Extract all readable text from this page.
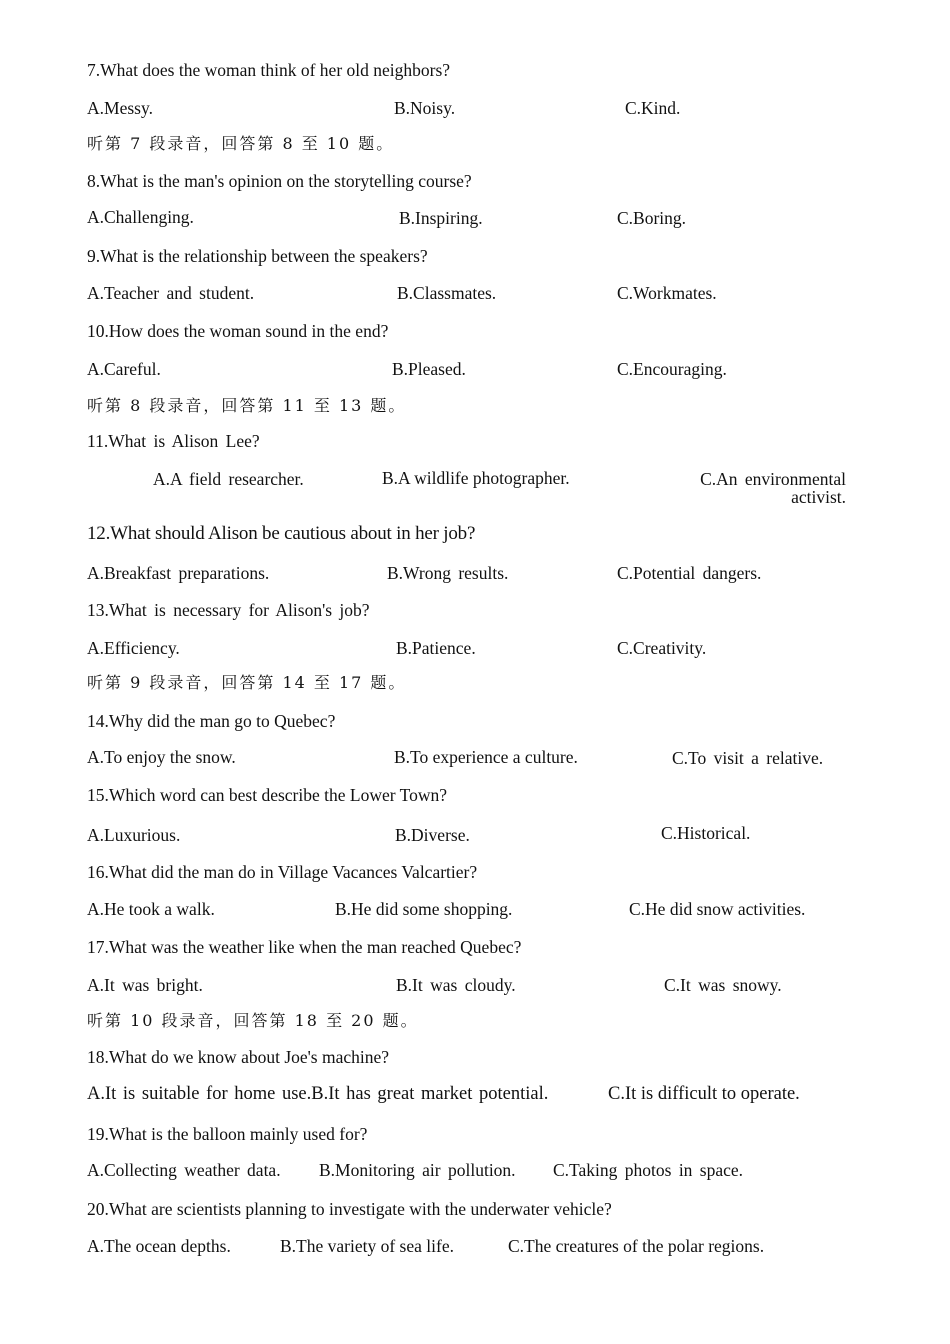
7.What does the woman think of her old neighbors?
A.Messy.	B.Noisy.	C.Kind.
听第 7 段录音，回答第 8 至 10 题。
8.What is the man's opinion on the storytelling course?
A.Challenging.	B.Inspiring.	C.Boring.
9.What is the relationship between the speakers?
A.Teacher and student.	B.Classmates.	C.Workmates.
10.How does the woman sound in the end?
A.Careful.	B.Pleased.	C.Encouraging.
听第 8 段录音，回答第 11 至 13 题。
11.What is Alison Lee?
A.A field researcher.	B.A wildlife photographer.	C.An environmental
activist.
12.What should Alison be cautious about in her job?
A.Breakfast preparations.	B.Wrong results.	C.Potential dangers.
13.What is necessary for Alison's job?
A.Efficiency.	B.Patience.	C.Creativity.
听第 9 段录音，回答第 14 至 17 题。
14.Why did the man go to Quebec?
A.To enjoy the snow.	B.To experience a culture.	C.To visit a relative.
15.Which word can best describe the Lower Town?
A.Luxurious.	B.Diverse.	C.Historical.
16.What did the man do in Village Vacances Valcartier?
A.He took a walk.	B.He did some shopping.	C.He did snow activities.
17.What was the weather like when the man reached Quebec?
A.It was bright.	B.It was cloudy.	C.It was snowy.
听第 10 段录音，回答第 18 至 20 题。
18.What do we know about Joe's machine?
A.It is suitable for home use.B.It has great market potential.	C.It is difficult to operate.
19.What is the balloon mainly used for?
A.Collecting weather data. B.Monitoring air pollution. C.Taking photos in space.
20.What are scientists planning to investigate with the underwater vehicle?
A.The ocean depths.	B.The variety of sea life.	C.The creatures of the polar regions.
